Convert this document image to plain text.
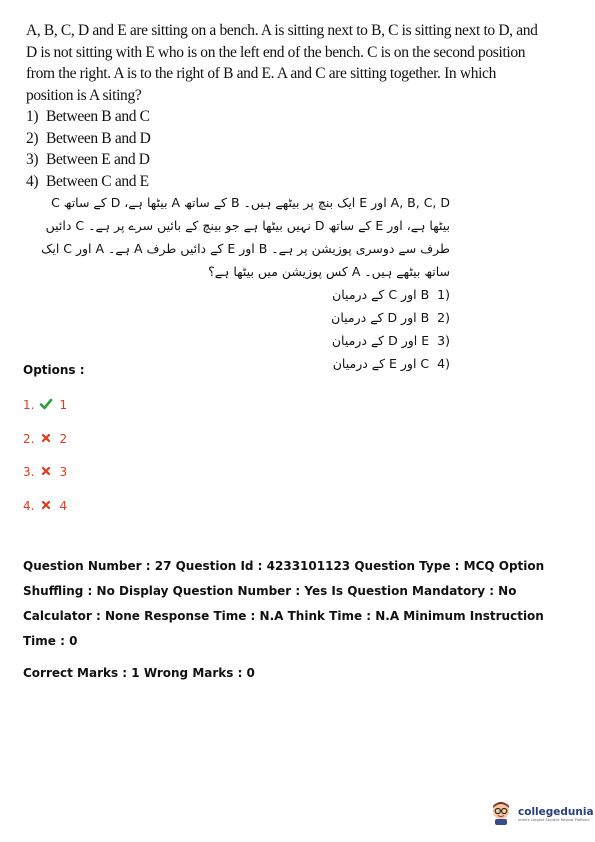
A, B, C, D and E are sitting on a bench. A is sitting next to B, C is sitting next to D, and D is not sitting with E who is on the left end of the bench. C is on the second position from the right. A is to the right of B and E. A and C are sitting together. In which position is A siting?

1) Between B and C
2) Between B and D
3) Between E and D
4) Between C and E

A, B, C, D اور E ایک بنچ پر بیٹھے ہیں۔ B کے ساتھ A بیٹھا ہے، D کے ساتھ C بیٹھا ہے، اور E کے ساتھ D نہیں بیٹھا ہے جو بینچ کے بائیں سرے پر ہے۔ C دائیں طرف سے دوسری پوزیشن پر ہے۔ B اور E کے دائیں طرف A ہے۔ A اور C ایک ساتھ بیٹھے ہیں۔ A کس پوزیشن میں بیٹھا ہے؟

(1
B اور C کے درمیان
(2
B اور D کے درمیان
(3
E اور D کے درمیان
(4
C اور E کے درمیان
Options :
1. 1
2. 2
3. 3
4. 4

Question Number : 27 Question Id : 4233101123 Question Type : MCQ Option Shuffling : No Display Question Number : Yes Is Question Mandatory : No Calculator : None Response Time : N.A Think Time : N.A Minimum Instruction Time : 0

Correct Marks : 1 Wrong Marks : 0

collegedunia
India's Largest Student Review Platform
